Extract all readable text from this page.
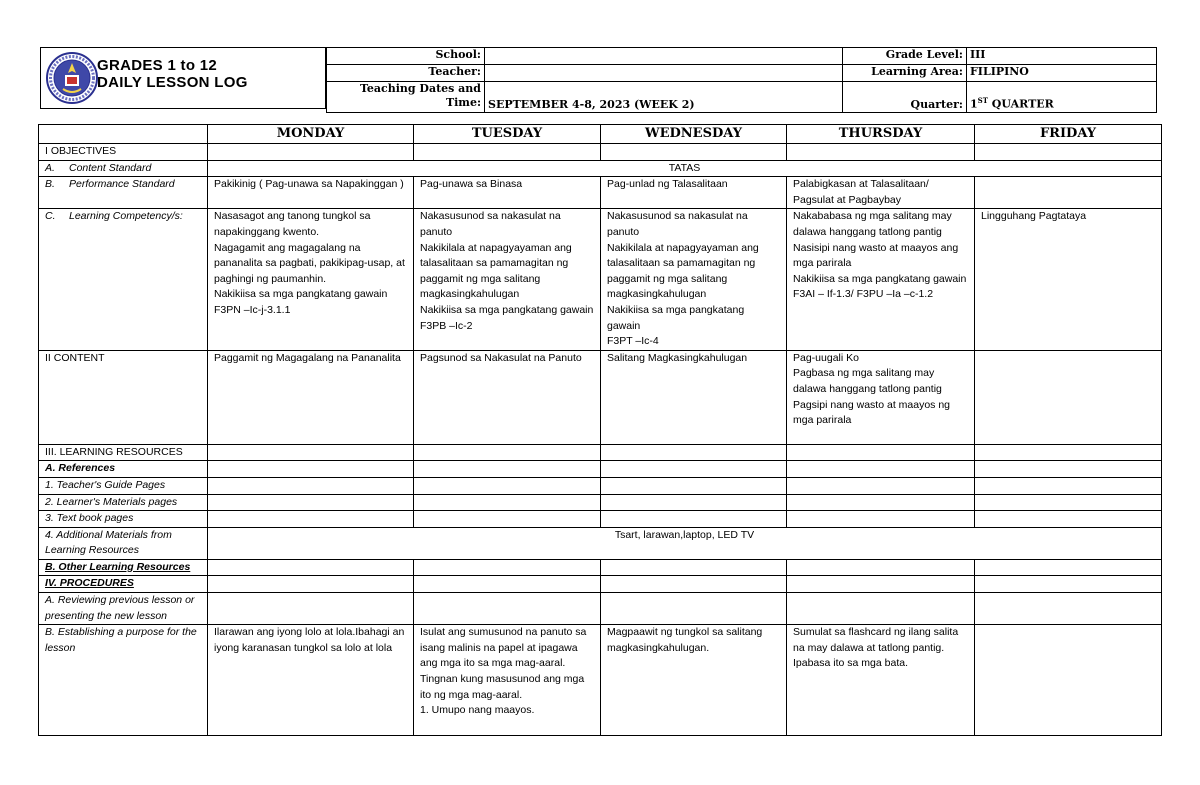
GRADES 1 to 12
DAILY LESSON LOG
School:		Grade Level:	III
Teacher:		Learning Area:	FILIPINO

Teaching Dates and
Time:	SEPTEMBER 4-8, 2023 (WEEK 2)	Quarter:	1ST QUARTER
	MONDAY	TUESDAY	WEDNESDAY	THURSDAY	FRIDAY
I OBJECTIVES					
A. Content Standard	TATAS				
B. Performance Standard	Pakikinig ( Pag-unawa sa Napakinggan )	Pag-unawa sa Binasa	Pag-unlad ng Talasalitaan	Palabigkasan at Talasalitaan/ Pagsulat at Pagbaybay	
C. Learning Competency/s:	Nasasagot ang tanong tungkol sa napakinggang kwento.
Nagagamit ang magagalang na pananalita sa pagbati, pakikipag-usap, at paghingi ng paumanhin.
Nakikiisa sa mga pangkatang gawain
F3PN –Ic-j-3.1.1	Nakasusunod sa nakasulat na panuto
Nakikilala at napagyayaman ang talasalitaan sa pamamagitan ng paggamit ng mga salitang magkasingkahulugan
Nakikiisa sa mga pangkatang gawain
F3PB –Ic-2	Nakasusunod sa nakasulat na panuto
Nakikilala at napagyayaman ang talasalitaan sa pamamagitan ng paggamit ng mga salitang magkasingkahulugan
Nakikiisa sa mga pangkatang gawain
F3PT –Ic-4	Nakababasa ng mga salitang may dalawa hanggang tatlong pantig
Nasisipi nang wasto at maayos ang mga parirala
Nakikiisa sa mga pangkatang gawain
F3AI – If-1.3/ F3PU –Ia –c-1.2	Lingguhang Pagtataya

II CONTENT	Paggamit ng Magagalang na Pananalita	Pagsunod sa Nakasulat na Panuto	Salitang Magkasingkahulugan	Pag-uugali Ko
Pagbasa ng mga salitang may dalawa hanggang tatlong pantig
Pagsipi nang wasto at maayos ng mga parirala	

III. LEARNING RESOURCES					
A. References					
1. Teacher's Guide Pages					
2. Learner's Materials pages					
3. Text book pages					
4. Additional Materials from Learning Resources	Tsart, larawan,laptop, LED TV				
B. Other Learning Resources					
IV. PROCEDURES					
A. Reviewing previous lesson or presenting the new lesson					
B. Establishing a purpose for the lesson	Ilarawan ang iyong lolo at lola.Ibahagi an iyong karanasan tungkol sa lolo at lola	Isulat ang sumusunod na panuto sa isang malinis na papel at ipagawa ang mga ito sa mga mag-aaral. Tingnan kung masusunod ang mga ito ng mga mag-aaral.
1. Umupo nang maayos.	Magpaawit ng tungkol sa salitang magkasingkahulugan.	Sumulat sa flashcard ng ilang salita na may dalawa at tatlong pantig.
Ipabasa ito sa mga bata.	
